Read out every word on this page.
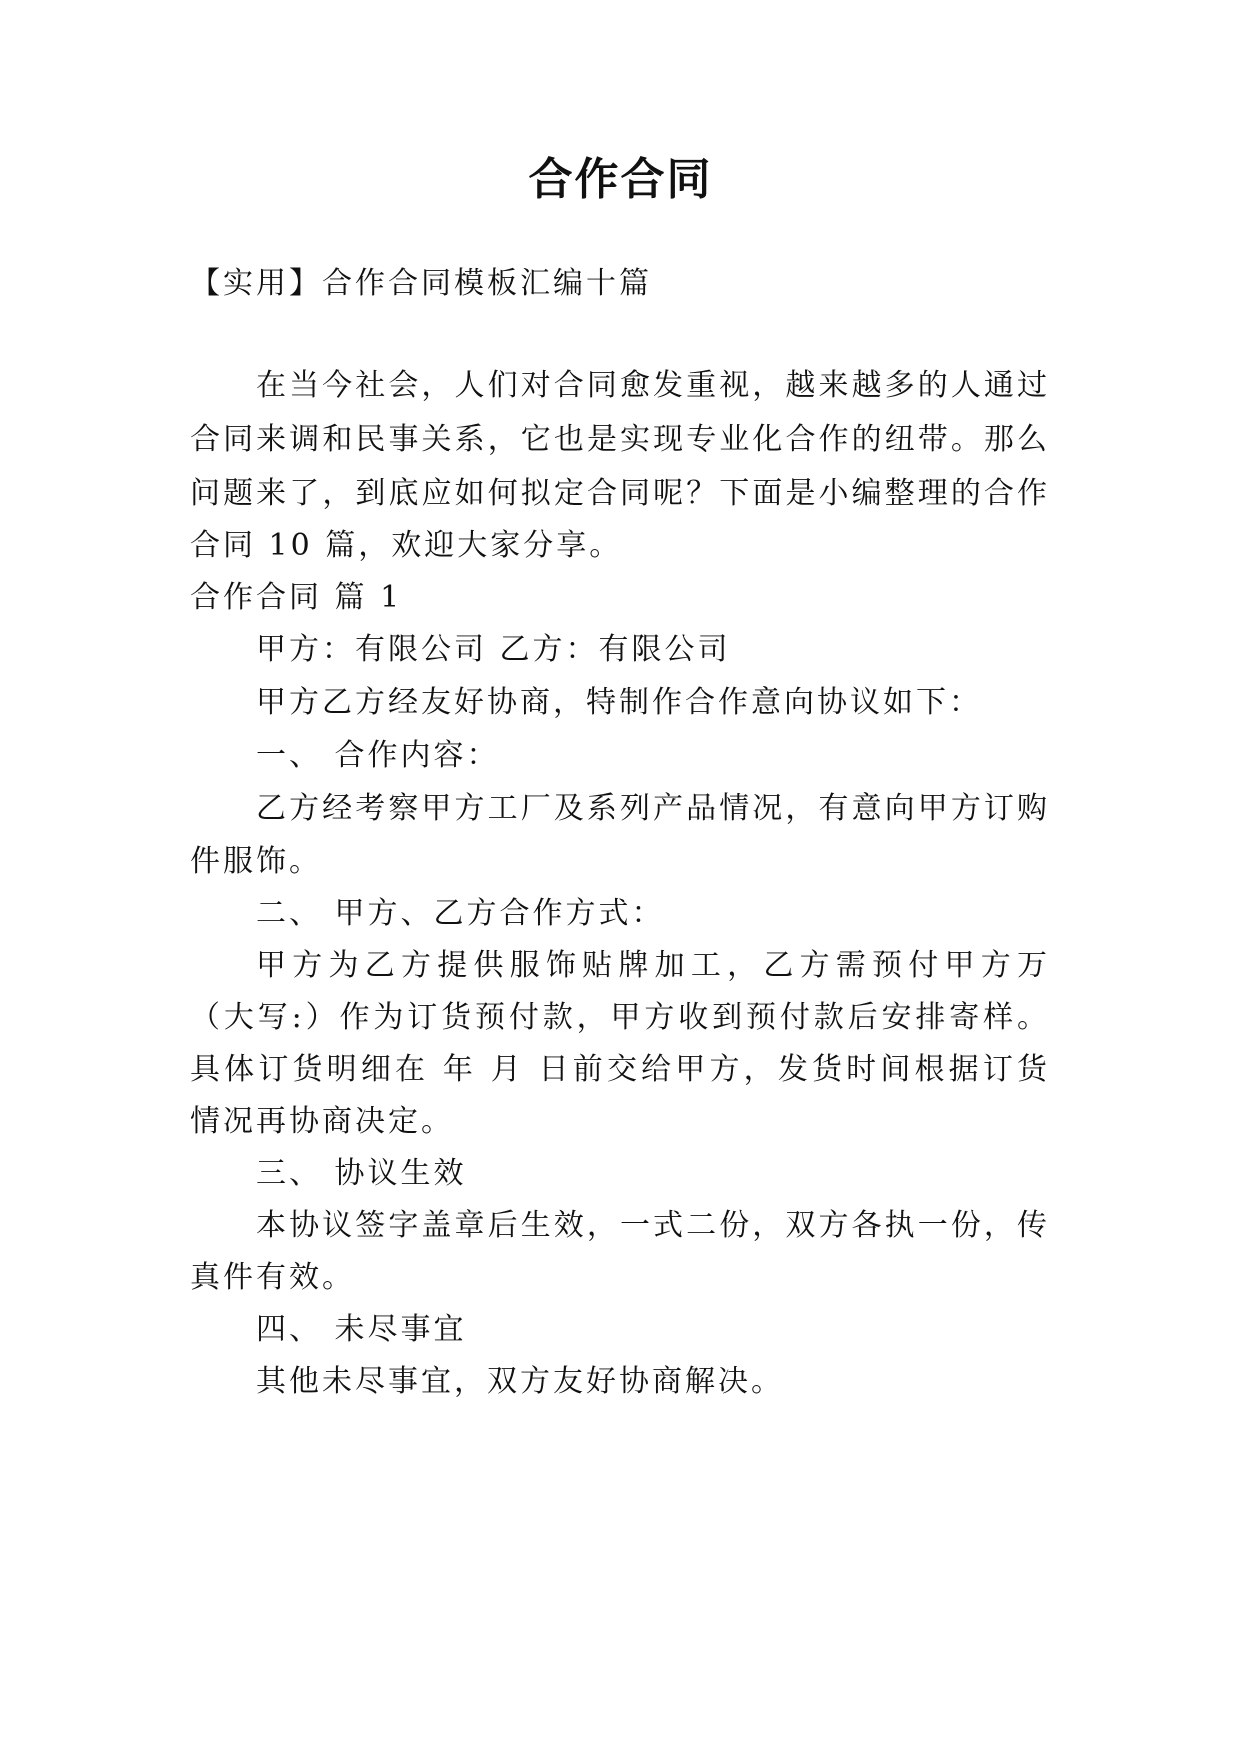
合作合同
【实用】合作合同模板汇编十篇
在当今社会，人们对合同愈发重视，越来越多的人通过
合同来调和民事关系，它也是实现专业化合作的纽带。那么
问题来了，到底应如何拟定合同呢？下面是小编整理的合作
合同 10 篇，欢迎大家分享。
合作合同 篇 1
甲方：有限公司 乙方：有限公司
甲方乙方经友好协商，特制作合作意向协议如下：
一、 合作内容：
乙方经考察甲方工厂及系列产品情况，有意向甲方订购
件服饰。
二、 甲方、乙方合作方式：
甲方为乙方提供服饰贴牌加工，乙方需预付甲方万
（大写:）作为订货预付款，甲方收到预付款后安排寄样。
具体订货明细在 年 月 日前交给甲方，发货时间根据订货
情况再协商决定。
三、 协议生效
本协议签字盖章后生效，一式二份，双方各执一份，传
真件有效。
四、 未尽事宜
其他未尽事宜，双方友好协商解决。
